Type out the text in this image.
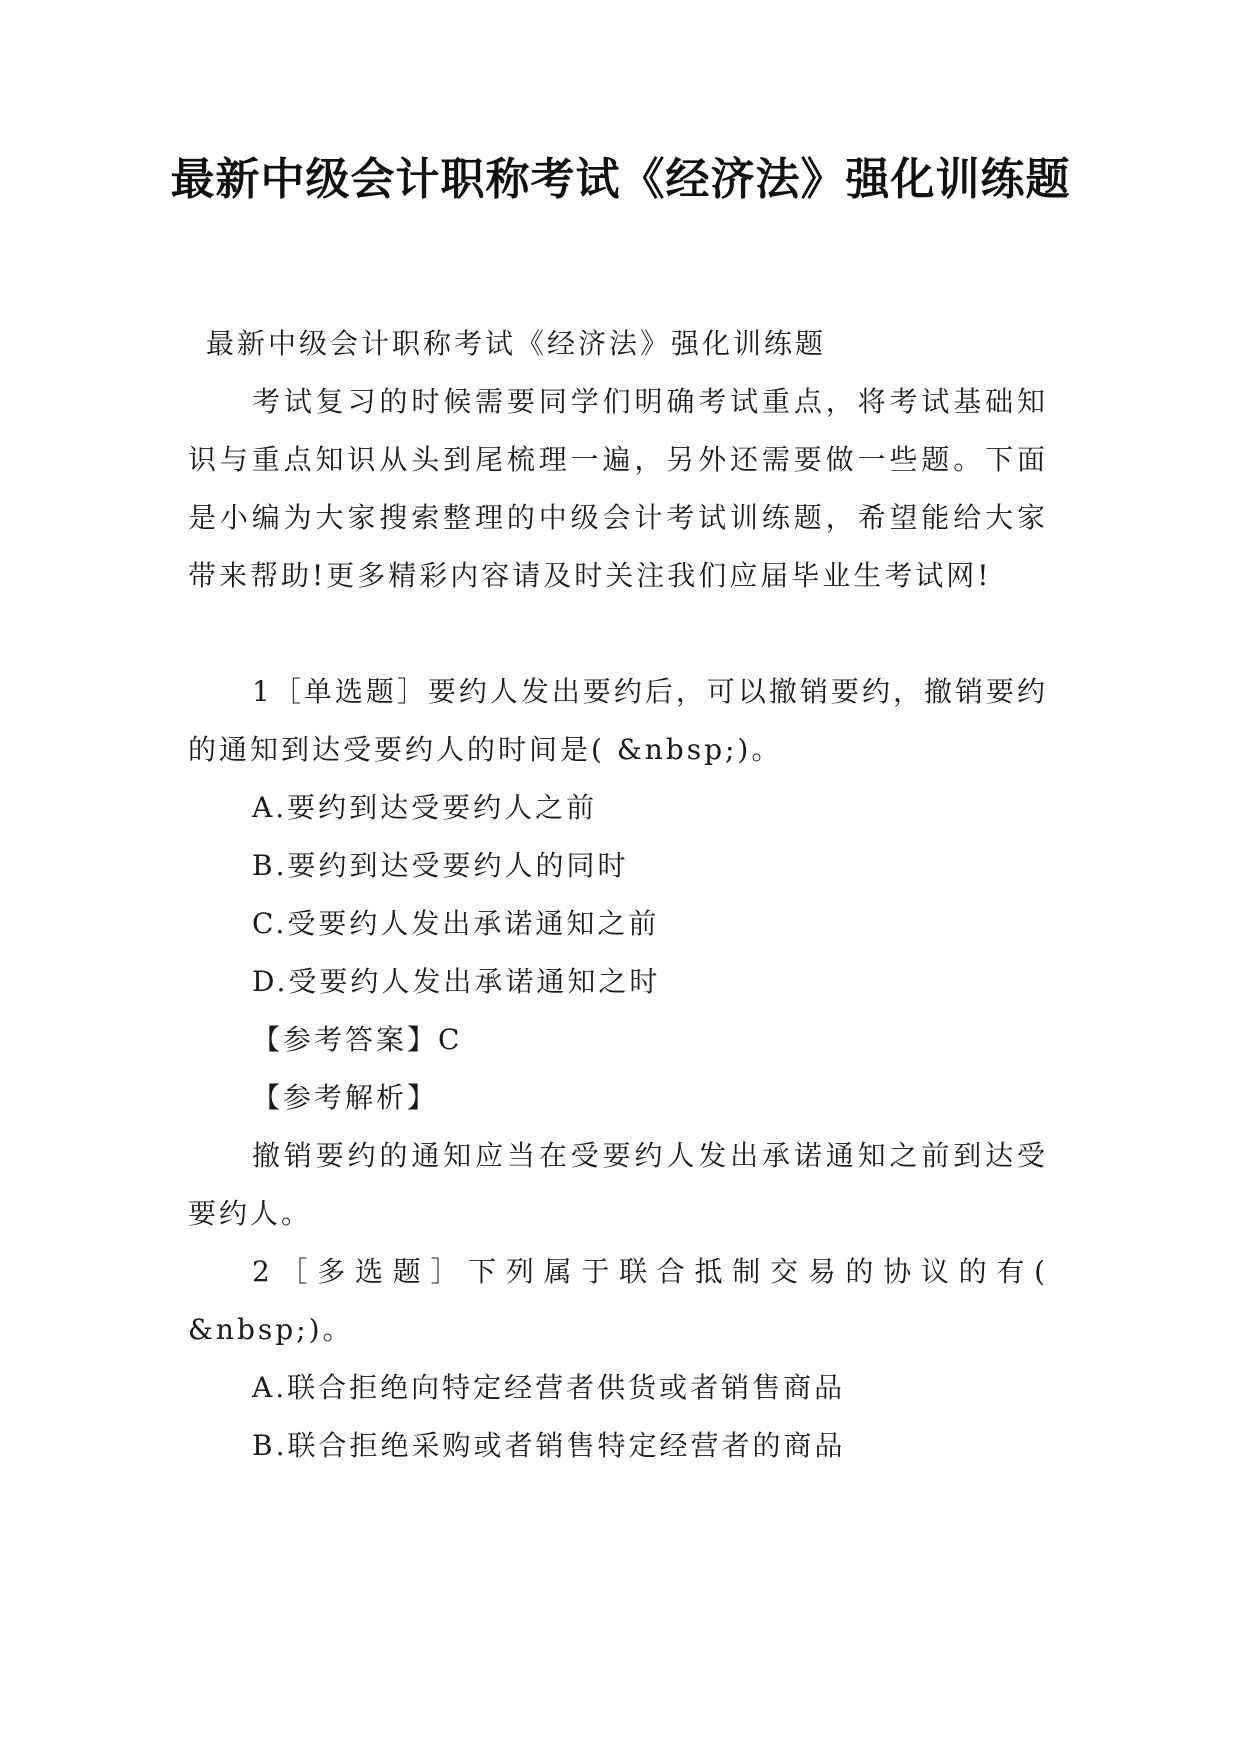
最新中级会计职称考试《经济法》强化训练题

最新中级会计职称考试《经济法》强化训练题

考试复习的时候需要同学们明确考试重点，将考试基础知识与重点知识从头到尾梳理一遍，另外还需要做一些题。下面是小编为大家搜索整理的中级会计考试训练题，希望能给大家带来帮助!更多精彩内容请及时关注我们应届毕业生考试网!

1［单选题］要约人发出要约后，可以撤销要约，撤销要约的通知到达受要约人的时间是( &nbsp;)。

A.要约到达受要约人之前

B.要约到达受要约人的同时

C.受要约人发出承诺通知之前

D.受要约人发出承诺通知之时

【参考答案】C

【参考解析】

撤销要约的通知应当在受要约人发出承诺通知之前到达受要约人。

2［多选题］下列属于联合抵制交易的协议的有( &nbsp;)。

A.联合拒绝向特定经营者供货或者销售商品

B.联合拒绝采购或者销售特定经营者的商品
